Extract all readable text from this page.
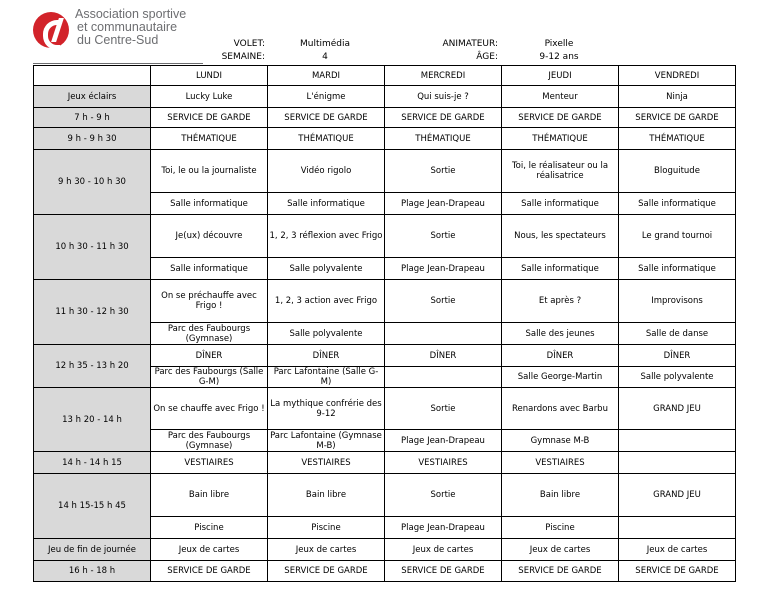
Association sportive
et communautaire
du Centre-Sud	VOLET:	Multimédia
SEMAINE:	4
ANIMATEUR:	Pixelle
ÂGE:	9-12 ans
	LUNDI	MARDI	MERCREDI	JEUDI	VENDREDI
Jeux éclairs	Lucky Luke	L'énigme	Qui suis-je ?	Menteur	Ninja
7 h - 9 h	SERVICE DE GARDE	SERVICE DE GARDE	SERVICE DE GARDE	SERVICE DE GARDE	SERVICE DE GARDE
9 h - 9 h 30	THÉMATIQUE	THÉMATIQUE	THÉMATIQUE	THÉMATIQUE	THÉMATIQUE
9 h 30 - 10 h 30	Toi, le ou la journaliste	Vidéo rigolo	Sortie	Toi, le réalisateur ou la réalisatrice	Bloguitude
	Salle informatique	Salle informatique	Plage Jean-Drapeau	Salle informatique	Salle informatique
10 h 30 - 11 h 30	Je(ux) découvre	1, 2, 3 réflexion avec Frigo	Sortie	Nous, les spectateurs	Le grand tournoi
	Salle informatique	Salle polyvalente	Plage Jean-Drapeau	Salle informatique	Salle informatique
11 h 30 - 12 h 30	On se préchauffe avec Frigo !	1, 2, 3 action avec Frigo	Sortie	Et après ?	Improvisons
	Parc des Faubourgs (Gymnase)	Salle polyvalente		Salle des jeunes	Salle de danse
12 h 35 - 13 h 20	DÎNER	DÎNER	DÎNER	DÎNER	DÎNER
	Parc des Faubourgs (Salle G-M)	Parc Lafontaine (Salle G-M)		Salle George-Martin	Salle polyvalente
13 h 20 - 14 h	On se chauffe avec Frigo !	La mythique confrérie des 9-12	Sortie	Renardons avec Barbu	GRAND JEU
	Parc des Faubourgs (Gymnase)	Parc Lafontaine (Gymnase M-B)	Plage Jean-Drapeau	Gymnase M-B	
14 h - 14 h 15	VESTIAIRES	VESTIAIRES	VESTIAIRES	VESTIAIRES	
14 h 15-15 h 45	Bain libre	Bain libre	Sortie	Bain libre	GRAND JEU
	Piscine	Piscine	Plage Jean-Drapeau	Piscine	
Jeu de fin de journée	Jeux de cartes	Jeux de cartes	Jeux de cartes	Jeux de cartes	Jeux de cartes
16 h - 18 h	SERVICE DE GARDE	SERVICE DE GARDE	SERVICE DE GARDE	SERVICE DE GARDE	SERVICE DE GARDE
